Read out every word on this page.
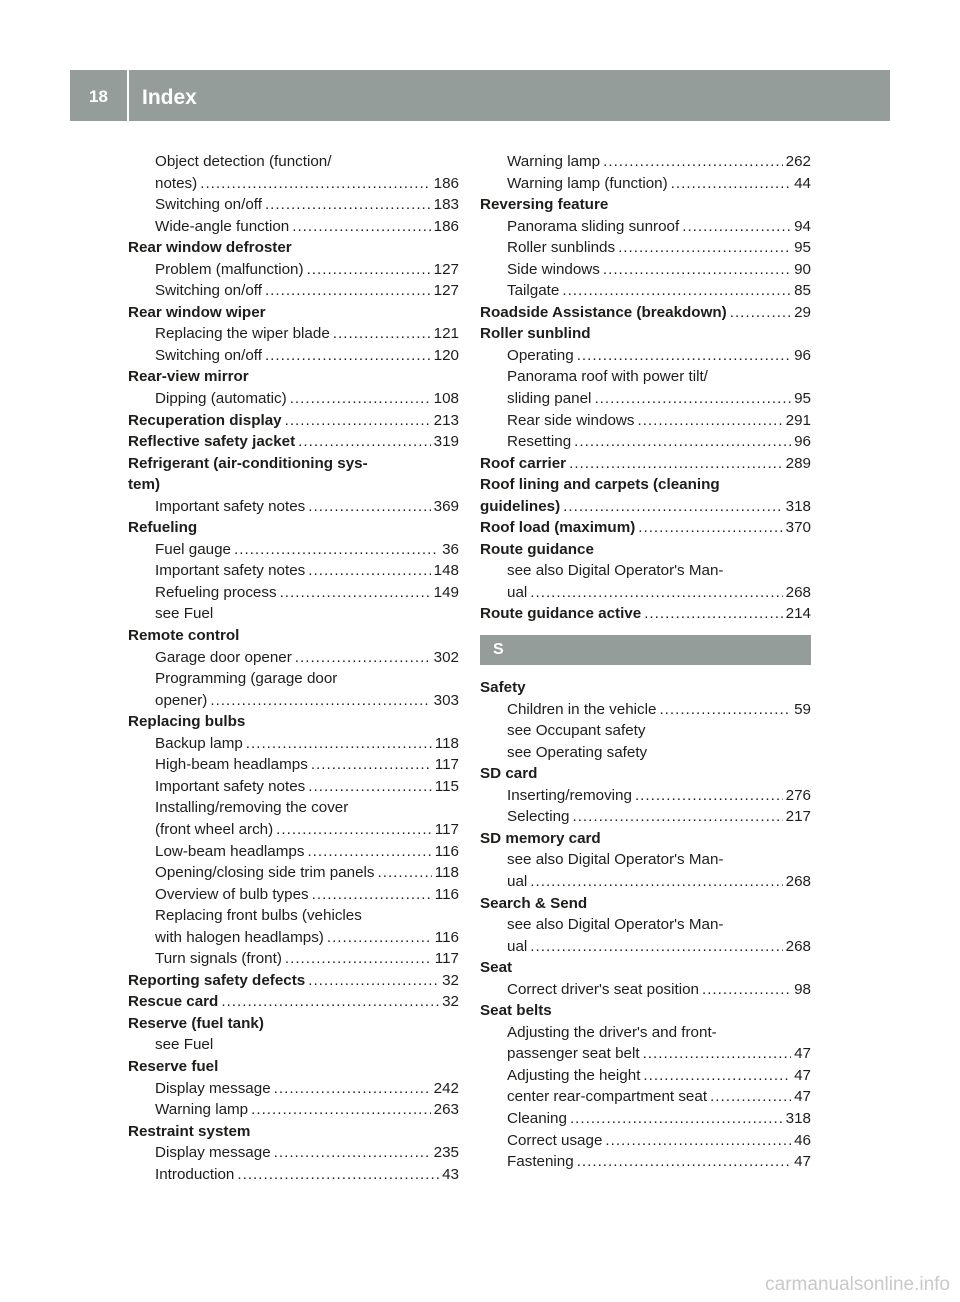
18	Index
Object detection (function/
notes) .....	186
Switching on/off .....	183
Wide-angle function .....	186
Rear window defroster
Problem (malfunction) .....	127
Switching on/off .....	127
Rear window wiper
Replacing the wiper blade .....	121
Switching on/off .....	120
Rear-view mirror
Dipping (automatic) .....	108
Recuperation display .....	213
Reflective safety jacket .....	319
Refrigerant (air-conditioning sys-
tem)
Important safety notes .....	369
Refueling
Fuel gauge .....	36
Important safety notes .....	148
Refueling process .....	149
see Fuel
Remote control
Garage door opener .....	302
Programming (garage door
opener) .....	303
Replacing bulbs
Backup lamp .....	118
High-beam headlamps .....	117
Important safety notes .....	115
Installing/removing the cover
(front wheel arch) .....	117
Low-beam headlamps .....	116
Opening/closing side trim panels .....	118
Overview of bulb types .....	116
Replacing front bulbs (vehicles
with halogen headlamps) .....	116
Turn signals (front) .....	117
Reporting safety defects .....	32
Rescue card .....	32
Reserve (fuel tank)
see Fuel
Reserve fuel
Display message .....	242
Warning lamp .....	263
Restraint system
Display message .....	235
Introduction .....	43
Warning lamp .....	262
Warning lamp (function) .....	44
Reversing feature
Panorama sliding sunroof .....	94
Roller sunblinds .....	95
Side windows .....	90
Tailgate .....	85
Roadside Assistance (breakdown) .....	29
Roller sunblind
Operating .....	96
Panorama roof with power tilt/
sliding panel .....	95
Rear side windows .....	291
Resetting .....	96
Roof carrier .....	289
Roof lining and carpets (cleaning
guidelines) .....	318
Roof load (maximum) .....	370
Route guidance
see also Digital Operator's Man-
ual .....	268
Route guidance active .....	214
S
Safety
Children in the vehicle .....	59
see Occupant safety
see Operating safety
SD card
Inserting/removing .....	276
Selecting .....	217
SD memory card
see also Digital Operator's Man-
ual .....	268
Search & Send
see also Digital Operator's Man-
ual .....	268
Seat
Correct driver's seat position .....	98
Seat belts
Adjusting the driver's and front-
passenger seat belt .....	47
Adjusting the height .....	47
center rear-compartment seat .....	47
Cleaning .....	318
Correct usage .....	46
Fastening .....	47
carmanualsonline.info
